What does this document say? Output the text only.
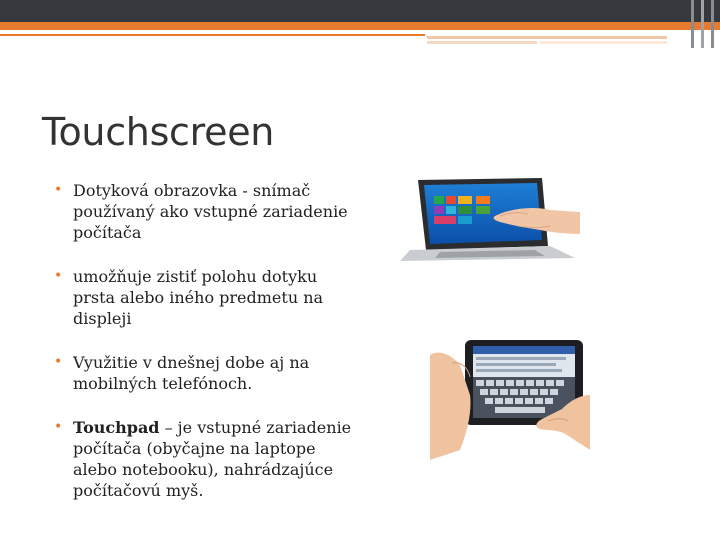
Touchscreen
• Dotyková obrazovka - snímač používaný ako vstupné zariadenie počítača
• umožňuje zistiť polohu dotyku prsta alebo iného predmetu na displeji
• Využitie v dnešnej dobe aj na mobilných telefónoch.
• Touchpad – je vstupné zariadenie počítača (obyčajne na laptope alebo notebooku), nahrádzajúce počítačovú myš.
